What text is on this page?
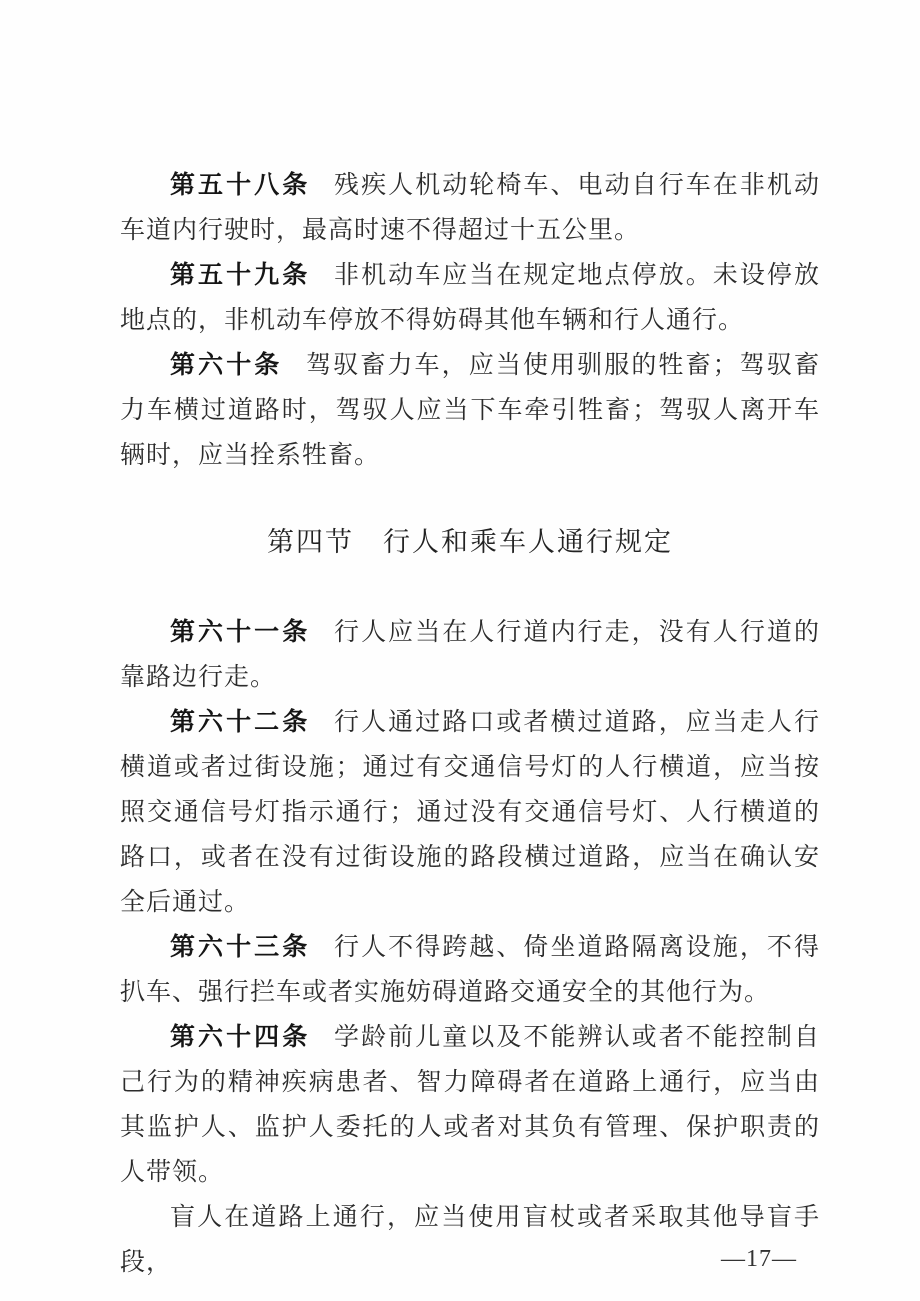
第五十八条 残疾人机动轮椅车、电动自行车在非机动车道内行驶时，最高时速不得超过十五公里。

第五十九条 非机动车应当在规定地点停放。未设停放地点的，非机动车停放不得妨碍其他车辆和行人通行。

第六十条 驾驭畜力车，应当使用驯服的牲畜；驾驭畜力车横过道路时，驾驭人应当下车牵引牲畜；驾驭人离开车辆时，应当拴系牲畜。

第四节　行人和乘车人通行规定

第六十一条 行人应当在人行道内行走，没有人行道的靠路边行走。

第六十二条 行人通过路口或者横过道路，应当走人行横道或者过街设施；通过有交通信号灯的人行横道，应当按照交通信号灯指示通行；通过没有交通信号灯、人行横道的路口，或者在没有过街设施的路段横过道路，应当在确认安全后通过。

第六十三条 行人不得跨越、倚坐道路隔离设施，不得扒车、强行拦车或者实施妨碍道路交通安全的其他行为。

第六十四条 学龄前儿童以及不能辨认或者不能控制自己行为的精神疾病患者、智力障碍者在道路上通行，应当由其监护人、监护人委托的人或者对其负有管理、保护职责的人带领。

盲人在道路上通行，应当使用盲杖或者采取其他导盲手段，	—17—
